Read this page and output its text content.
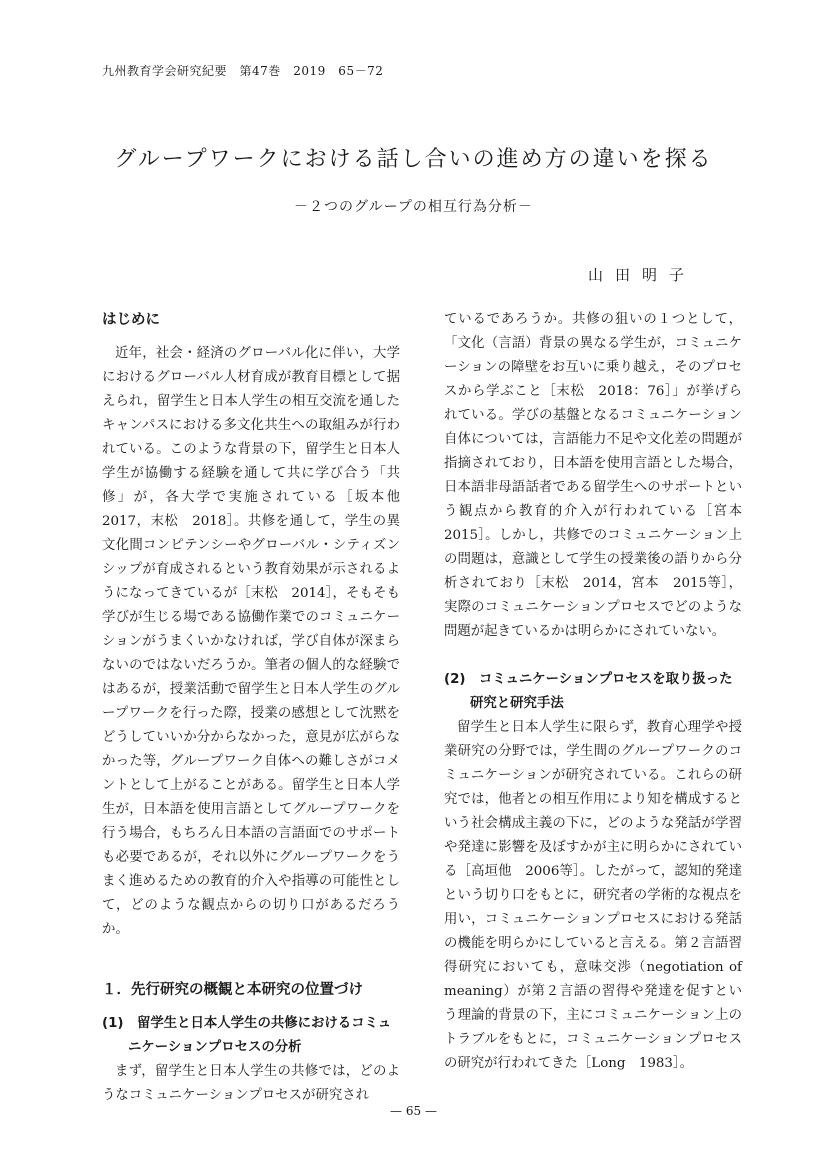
九州教育学会研究紀要　第47巻　2019　65－72
グループワークにおける話し合いの進め方の違いを探る
－２つのグループの相互行為分析－
山田明子
はじめに

近年，社会・経済のグローバル化に伴い，大学におけるグローバル人材育成が教育目標として据えられ，留学生と日本人学生の相互交流を通したキャンパスにおける多文化共生への取組みが行われている。このような背景の下，留学生と日本人学生が協働する経験を通して共に学び合う「共修」が，各大学で実施されている［坂本他　2017，末松　2018］。共修を通して，学生の異文化間コンピテンシーやグローバル・シティズンシップが育成されるという教育効果が示されるようになってきているが［末松　2014］，そもそも学びが生じる場である協働作業でのコミュニケーションがうまくいかなければ，学び自体が深まらないのではないだろうか。筆者の個人的な経験ではあるが，授業活動で留学生と日本人学生のグループワークを行った際，授業の感想として沈黙をどうしていいか分からなかった，意見が広がらなかった等，グループワーク自体への難しさがコメントとして上がることがある。留学生と日本人学生が，日本語を使用言語としてグループワークを行う場合，もちろん日本語の言語面でのサポートも必要であるが，それ以外にグループワークをうまく進めるための教育的介入や指導の可能性として，どのような観点からの切り口があるだろうか。

１．先行研究の概観と本研究の位置づけ
(1)　留学生と日本人学生の共修におけるコミュニケーションプロセスの分析

まず，留学生と日本人学生の共修では，どのようなコミュニケーションプロセスが研究され

ているであろうか。共修の狙いの１つとして，「文化（言語）背景の異なる学生が，コミュニケーションの障壁をお互いに乗り越え，そのプロセスから学ぶこと［末松　2018：76］」が挙げられている。学びの基盤となるコミュニケーション自体については，言語能力不足や文化差の問題が指摘されており，日本語を使用言語とした場合，日本語非母語話者である留学生へのサポートという観点から教育的介入が行われている［宮本　2015］。しかし，共修でのコミュニケーション上の問題は，意識として学生の授業後の語りから分析されており［末松　2014，宮本　2015等］，実際のコミュニケーションプロセスでどのような問題が起きているかは明らかにされていない。

(2)　コミュニケーションプロセスを取り扱った研究と研究手法

留学生と日本人学生に限らず，教育心理学や授業研究の分野では，学生間のグループワークのコミュニケーションが研究されている。これらの研究では，他者との相互作用により知を構成するという社会構成主義の下に，どのような発話が学習や発達に影響を及ぼすかが主に明らかにされている［高垣他　2006等］。したがって，認知的発達という切り口をもとに，研究者の学術的な視点を用い，コミュニケーションプロセスにおける発話の機能を明らかにしていると言える。第２言語習得研究においても，意味交渉（negotiation of meaning）が第２言語の習得や発達を促すという理論的背景の下，主にコミュニケーション上のトラブルをもとに，コミュニケーションプロセスの研究が行われてきた［Long　1983］。

— 65 —
